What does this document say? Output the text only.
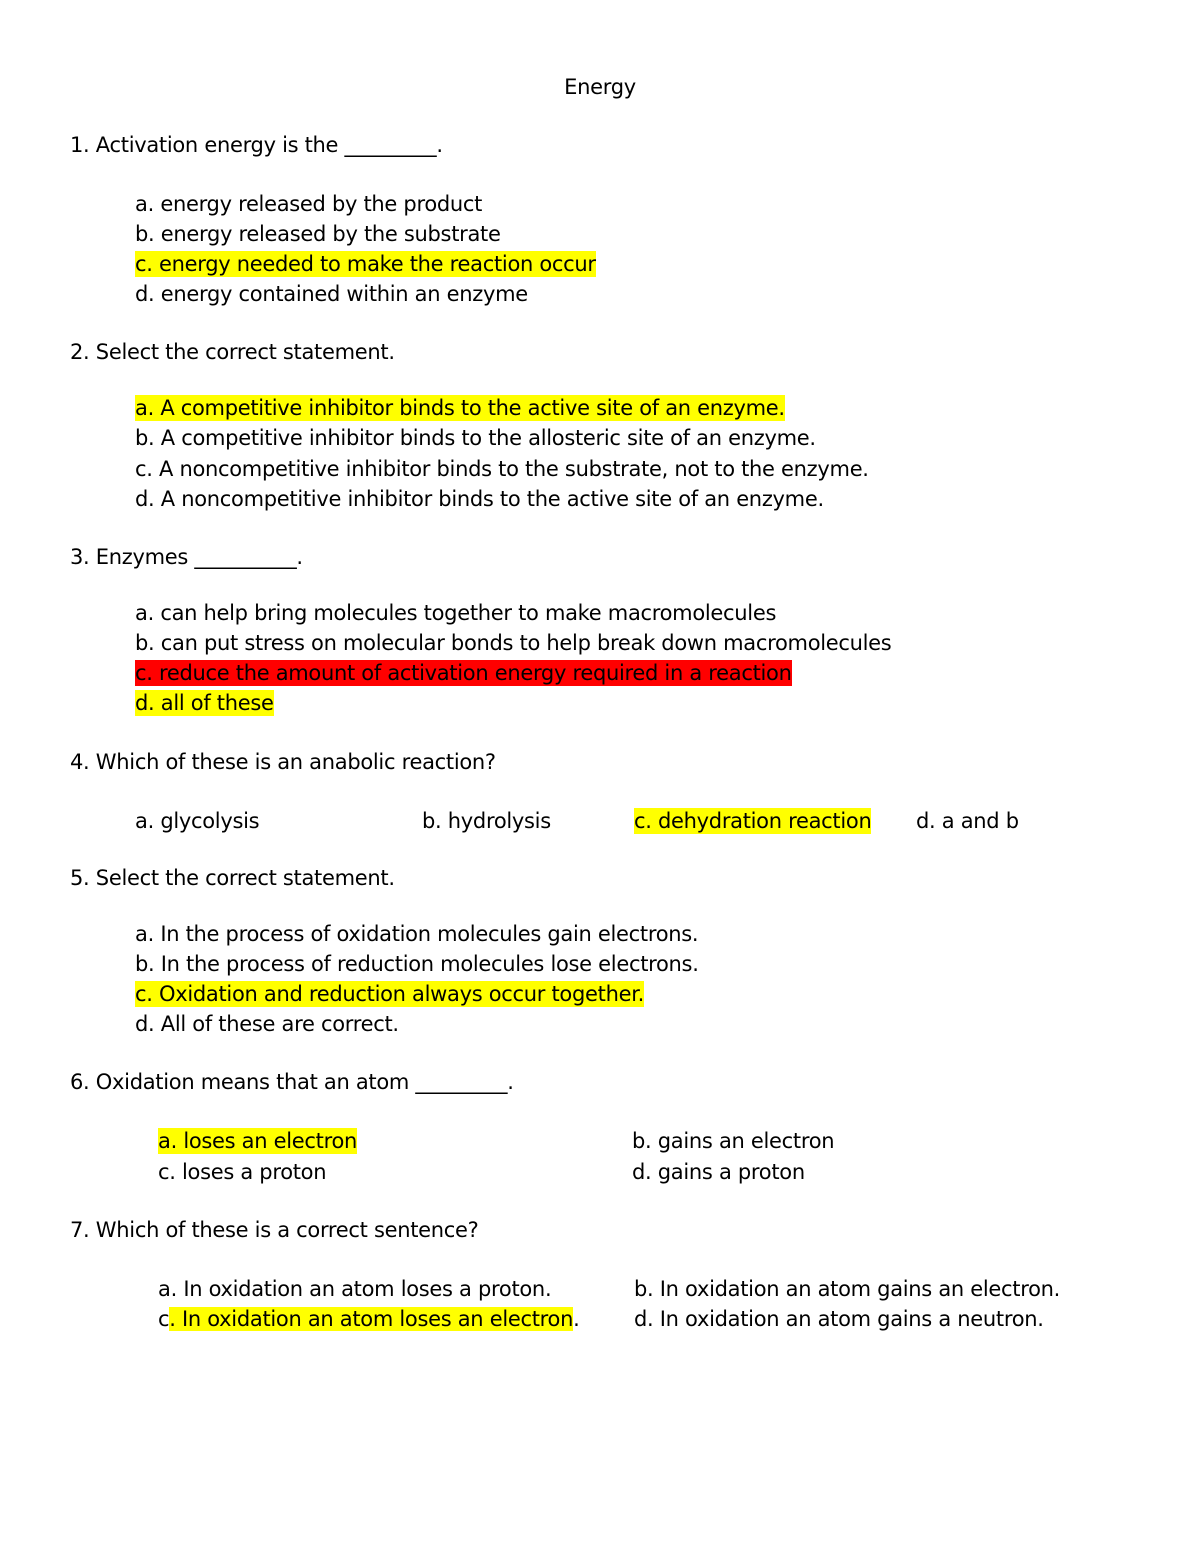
Energy
1. Activation energy is the _________.
a. energy released by the product
b. energy released by the substrate
c. energy needed to make the reaction occur
d. energy contained within an enzyme
2. Select the correct statement.
a. A competitive inhibitor binds to the active site of an enzyme.
b. A competitive inhibitor binds to the allosteric site of an enzyme.
c. A noncompetitive inhibitor binds to the substrate, not to the enzyme.
d. A noncompetitive inhibitor binds to the active site of an enzyme.
3. Enzymes __________.
a. can help bring molecules together to make macromolecules
b. can put stress on molecular bonds to help break down macromolecules
c. reduce the amount of activation energy required in a reaction
d. all of these
4. Which of these is an anabolic reaction?
a. glycolysis	b. hydrolysis	c. dehydration reaction d. a and b
5. Select the correct statement.
a. In the process of oxidation molecules gain electrons.
b. In the process of reduction molecules lose electrons.
c. Oxidation and reduction always occur together.
d. All of these are correct.
6. Oxidation means that an atom _________.
a. loses an electron	b. gains an electron
c. loses a proton	d. gains a proton
7. Which of these is a correct sentence?
a. In oxidation an atom loses a proton.	b. In oxidation an atom gains an electron.
c. In oxidation an atom loses an electron.	d. In oxidation an atom gains a neutron.
